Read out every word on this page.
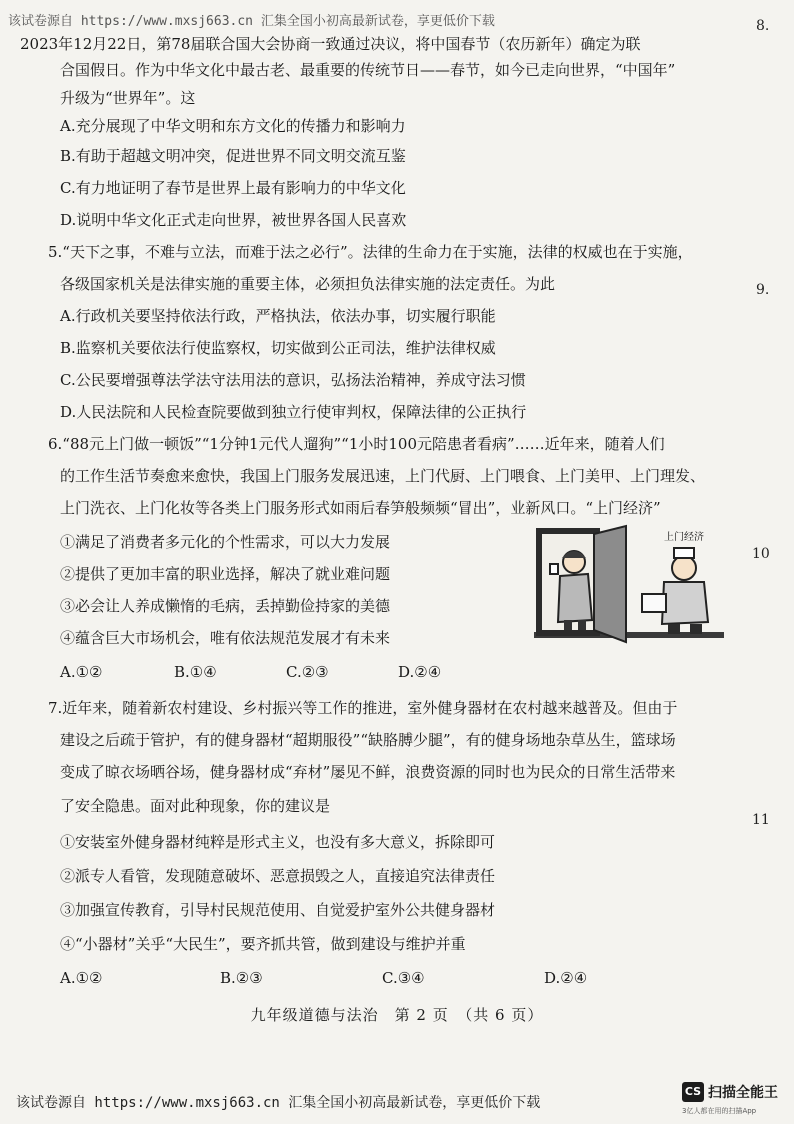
该试卷源自 https://www.mxsj663.cn 汇集全国小初高最新试卷，享更低价下载	8.
9.
10
11
2023年12月22日，第78届联合国大会协商一致通过决议，将中国春节（农历新年）确定为联
合国假日。作为中华文化中最古老、最重要的传统节日——春节，如今已走向世界，“中国年”
升级为“世界年”。这
A.充分展现了中华文明和东方文化的传播力和影响力
B.有助于超越文明冲突，促进世界不同文明交流互鉴
C.有力地证明了春节是世界上最有影响力的中华文化
D.说明中华文化正式走向世界，被世界各国人民喜欢
5.“天下之事，不难与立法，而难于法之必行”。法律的生命力在于实施，法律的权威也在于实施，
各级国家机关是法律实施的重要主体，必须担负法律实施的法定责任。为此
A.行政机关要坚持依法行政，严格执法，依法办事，切实履行职能
B.监察机关要依法行使监察权，切实做到公正司法，维护法律权威
C.公民要增强尊法学法守法用法的意识，弘扬法治精神，养成守法习惯
D.人民法院和人民检查院要做到独立行使审判权，保障法律的公正执行
6.“88元上门做一顿饭”“1分钟1元代人遛狗”“1小时100元陪患者看病”……近年来，随着人们
的工作生活节奏愈来愈快，我国上门服务发展迅速，上门代厨、上门喂食、上门美甲、上门理发、
上门洗衣、上门化妆等各类上门服务形式如雨后春笋般频频“冒出”，业新风口。“上门经济”
①满足了消费者多元化的个性需求，可以大力发展
②提供了更加丰富的职业选择，解决了就业难问题
③必会让人养成懒惰的毛病，丢掉勤俭持家的美德
④蕴含巨大市场机会，唯有依法规范发展才有未来
A.①②	B.①④	C.②③	D.②④
上门经济
7.近年来，随着新农村建设、乡村振兴等工作的推进，室外健身器材在农村越来越普及。但由于
建设之后疏于管护，有的健身器材“超期服役”“缺胳膊少腿”，有的健身场地杂草丛生，篮球场
变成了晾衣场晒谷场，健身器材成“弃材”屡见不鲜，浪费资源的同时也为民众的日常生活带来
了安全隐患。面对此种现象，你的建议是
①安装室外健身器材纯粹是形式主义，也没有多大意义，拆除即可
②派专人看管，发现随意破坏、恶意损毁之人，直接追究法律责任
③加强宣传教育，引导村民规范使用、自觉爱护室外公共健身器材
④“小器材”关乎“大民生”，要齐抓共管，做到建设与维护并重
A.①②	B.②③	C.③④	D.②④
九年级道德与法治　第 2 页　（共 6 页）
该试卷源自 https://www.mxsj663.cn 汇集全国小初高最新试卷，享更低价下载
CS 扫描全能王
3亿人都在用的扫描App
